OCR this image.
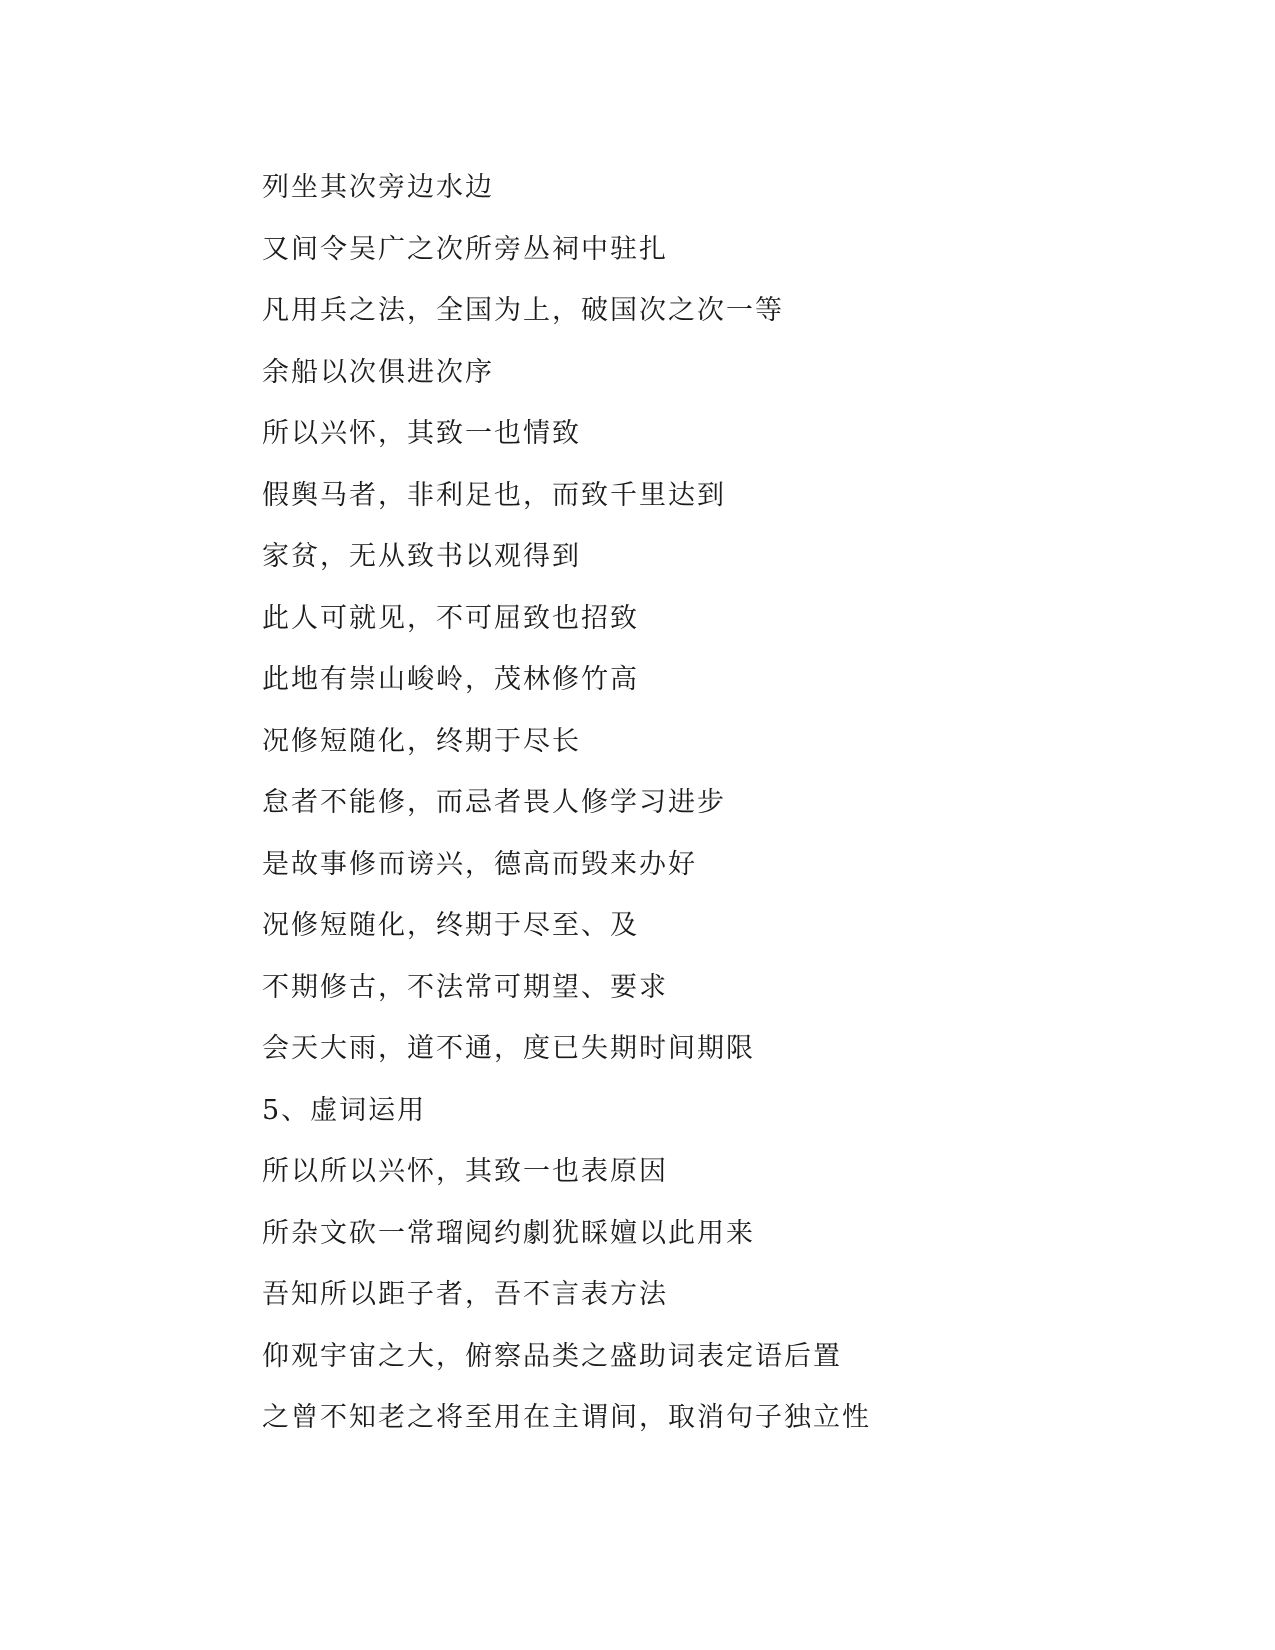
列坐其次旁边水边
又间令吴广之次所旁丛祠中驻扎
凡用兵之法，全国为上，破国次之次一等
余船以次俱进次序
所以兴怀，其致一也情致
假舆马者，非利足也，而致千里达到
家贫，无从致书以观得到
此人可就见，不可屈致也招致
此地有崇山峻岭，茂林修竹高
况修短随化，终期于尽长
怠者不能修，而忌者畏人修学习进步
是故事修而谤兴，德高而毁来办好
况修短随化，终期于尽至、及
不期修古，不法常可期望、要求
会天大雨，道不通，度已失期时间期限
5、虚词运用
所以所以兴怀，其致一也表原因
所杂文砍一常瑠阋约劇犹睬嬗以此用来
吾知所以距子者，吾不言表方法
仰观宇宙之大，俯察品类之盛助词表定语后置
之曾不知老之将至用在主谓间，取消句子独立性
